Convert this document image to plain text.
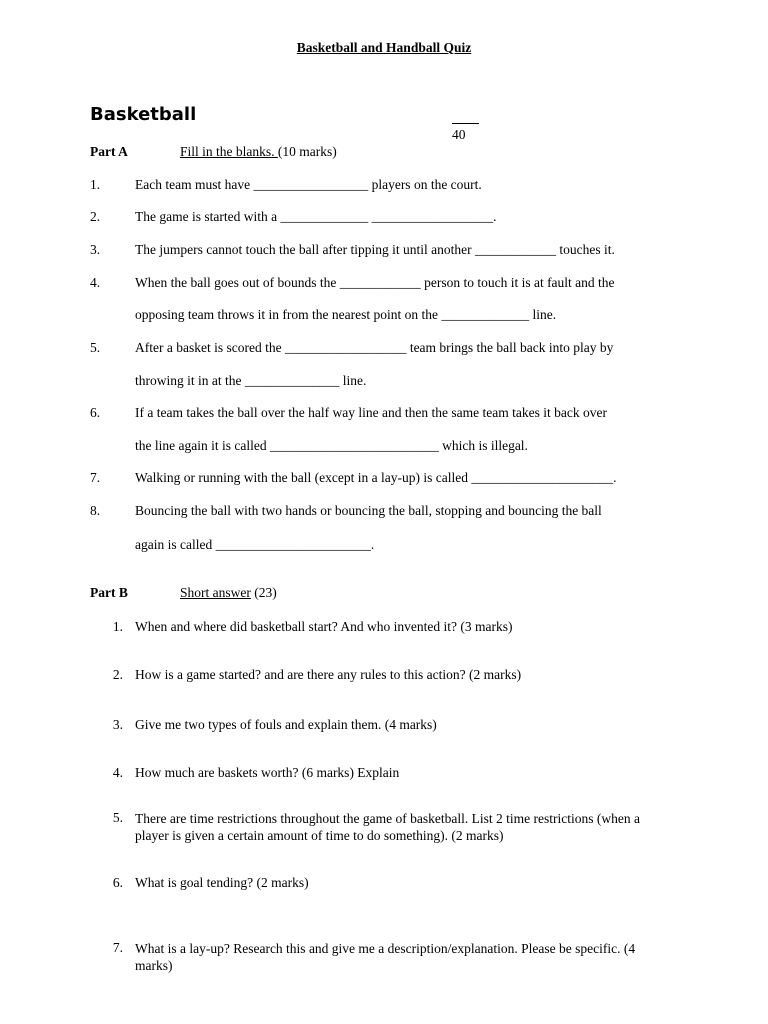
Basketball and Handball Quiz
Basketball
40
Part A	Fill in the blanks. (10 marks)
1.	Each team must have _________________ players on the court.
2.	The game is started with a _____________ __________________.
3.	The jumpers cannot touch the ball after tipping it until another ____________ touches it.
4.	When the ball goes out of bounds the ____________ person to touch it is at fault and the
opposing team throws it in from the nearest point on the _____________ line.
5.	After a basket is scored the __________________ team brings the ball back into play by
throwing it in at the ______________ line.
6.	If a team takes the ball over the half way line and then the same team takes it back over
the line again it is called _________________________ which is illegal.
7.	Walking or running with the ball (except in a lay-up) is called _____________________.
8.	Bouncing the ball with two hands or bouncing the ball, stopping and bouncing the ball
again is called _______________________.
Part B	Short answer (23)
1. When and where did basketball start? And who invented it? (3 marks)
2. How is a game started? and are there any rules to this action? (2 marks)
3. Give me two types of fouls and explain them. (4 marks)
4. How much are baskets worth? (6 marks) Explain
5. There are time restrictions throughout the game of basketball. List 2 time restrictions (when a player is given a certain amount of time to do something). (2 marks)
6. What is goal tending? (2 marks)
7. What is a lay-up? Research this and give me a description/explanation. Please be specific. (4 marks)
